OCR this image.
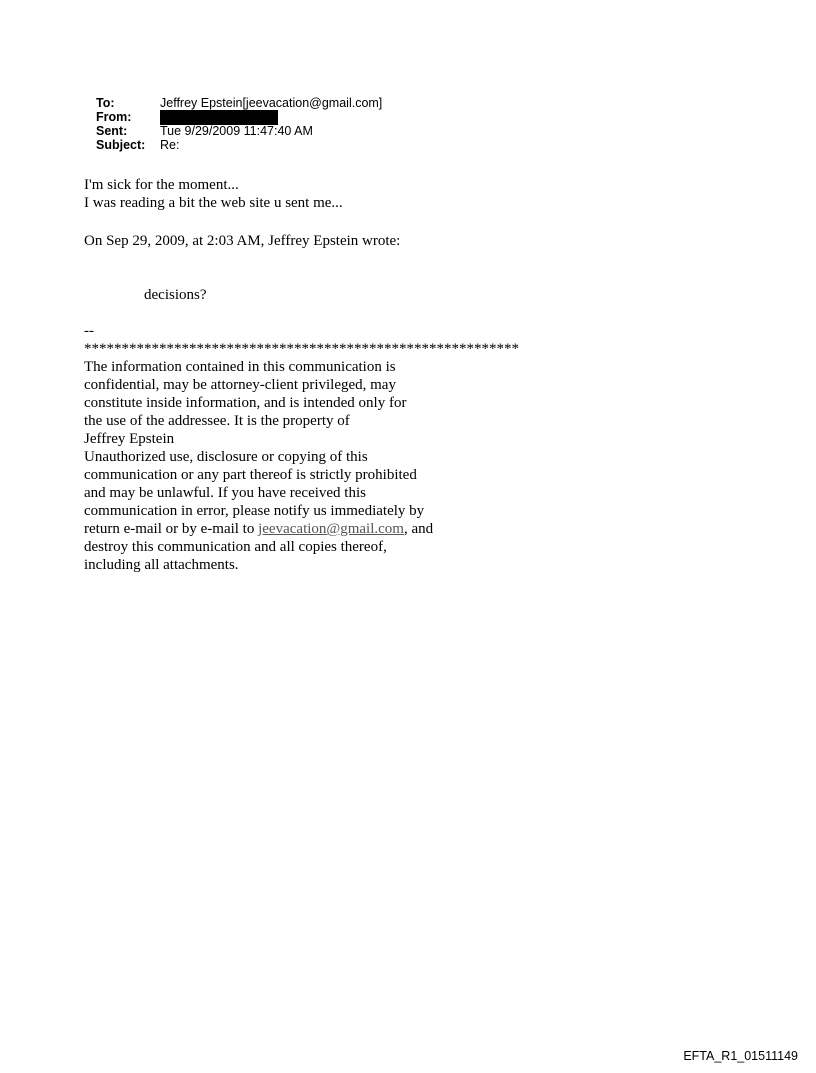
To:	Jeffrey Epstein[jeevacation@gmail.com]
From:
Sent:	Tue 9/29/2009 11:47:40 AM
Subject:	Re:
I'm sick for the moment...
I was reading a bit the web site u sent me...
On Sep 29, 2009, at 2:03 AM, Jeffrey Epstein wrote:
decisions?
--
**********************************************************
The information contained in this communication is
confidential, may be attorney-client privileged, may
constitute inside information, and is intended only for
the use of the addressee. It is the property of
Jeffrey Epstein
Unauthorized use, disclosure or copying of this
communication or any part thereof is strictly prohibited
and may be unlawful. If you have received this
communication in error, please notify us immediately by
return e-mail or by e-mail to jeevacation@gmail.com, and
destroy this communication and all copies thereof,
including all attachments.
EFTA_R1_01511149
